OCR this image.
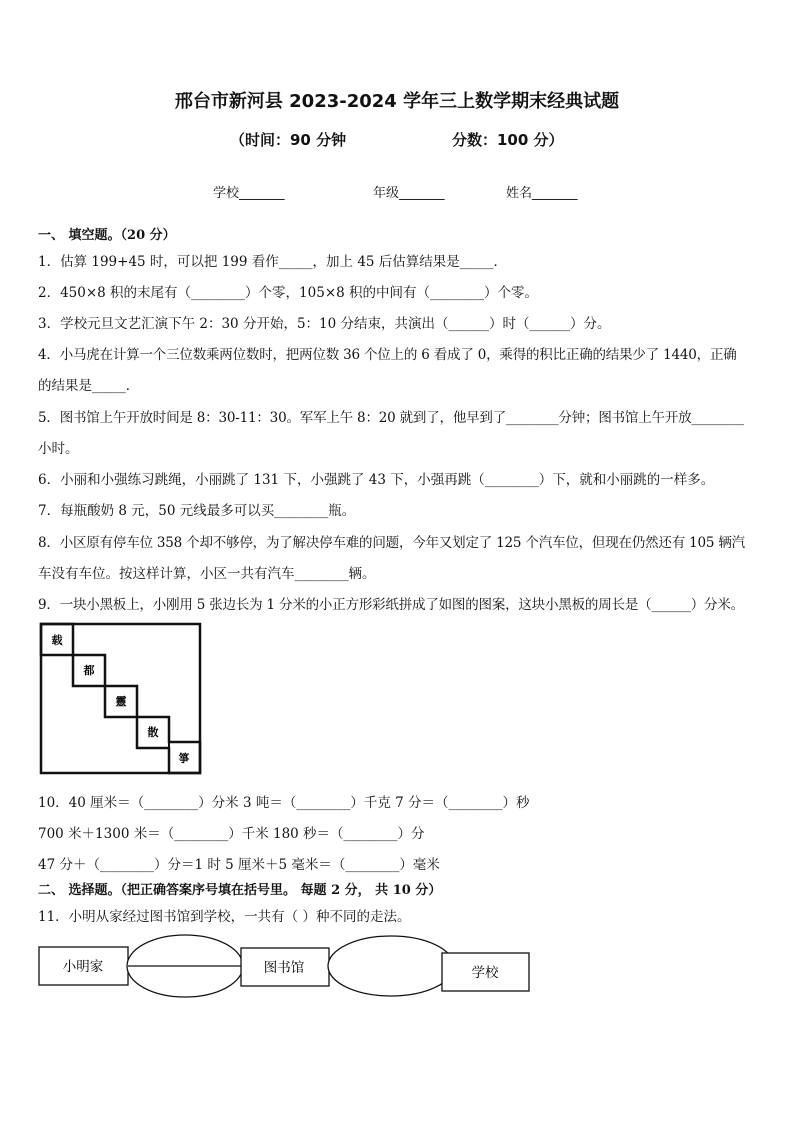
邢台市新河县 2023-2024 学年三上数学期末经典试题
（时间：90 分钟	分数：100 分）
学校_______	年级_______	姓名_______
一、 填空题。（20 分）
1．估算 199+45 时，可以把 199 看作_____，加上 45 后估算结果是_____．
2．450×8 积的末尾有（________）个零，105×8 积的中间有（________）个零。
3．学校元旦文艺汇演下午 2：30 分开始，5：10 分结束，共演出（______）时（______）分。
4．小马虎在计算一个三位数乘两位数时，把两位数 36 个位上的 6 看成了 0，乘得的积比正确的结果少了 1440，正确
的结果是_____．
5．图书馆上午开放时间是 8：30-11：30。军军上午 8：20 就到了，他早到了________分钟；图书馆上午开放________
小时。
6．小丽和小强练习跳绳，小丽跳了 131 下，小强跳了 43 下，小强再跳（________）下，就和小丽跳的一样多。
7．每瓶酸奶 8 元，50 元线最多可以买________瓶。
8．小区原有停车位 358 个却不够停，为了解决停车难的问题，今年又划定了 125 个汽车位，但现在仍然还有 105 辆汽
车没有车位。按这样计算，小区一共有汽车________辆。
9．一块小黑板上，小刚用 5 张边长为 1 分米的小正方形彩纸拼成了如图的图案，这块小黑板的周长是（______）分米。
载
都
靈
散
箏
10．40 厘米＝（________）分米 3 吨＝（________）千克 7 分＝（________）秒
700 米＋1300 米＝（________）千米 180 秒＝（________）分
47 分＋（________）分＝1 时 5 厘米＋5 毫米＝（________）毫米
二、 选择题。（把正确答案序号填在括号里。 每题 2 分， 共 10 分）
11．小明从家经过图书馆到学校，一共有（ ）种不同的走法。
小明家	图书馆	学校
